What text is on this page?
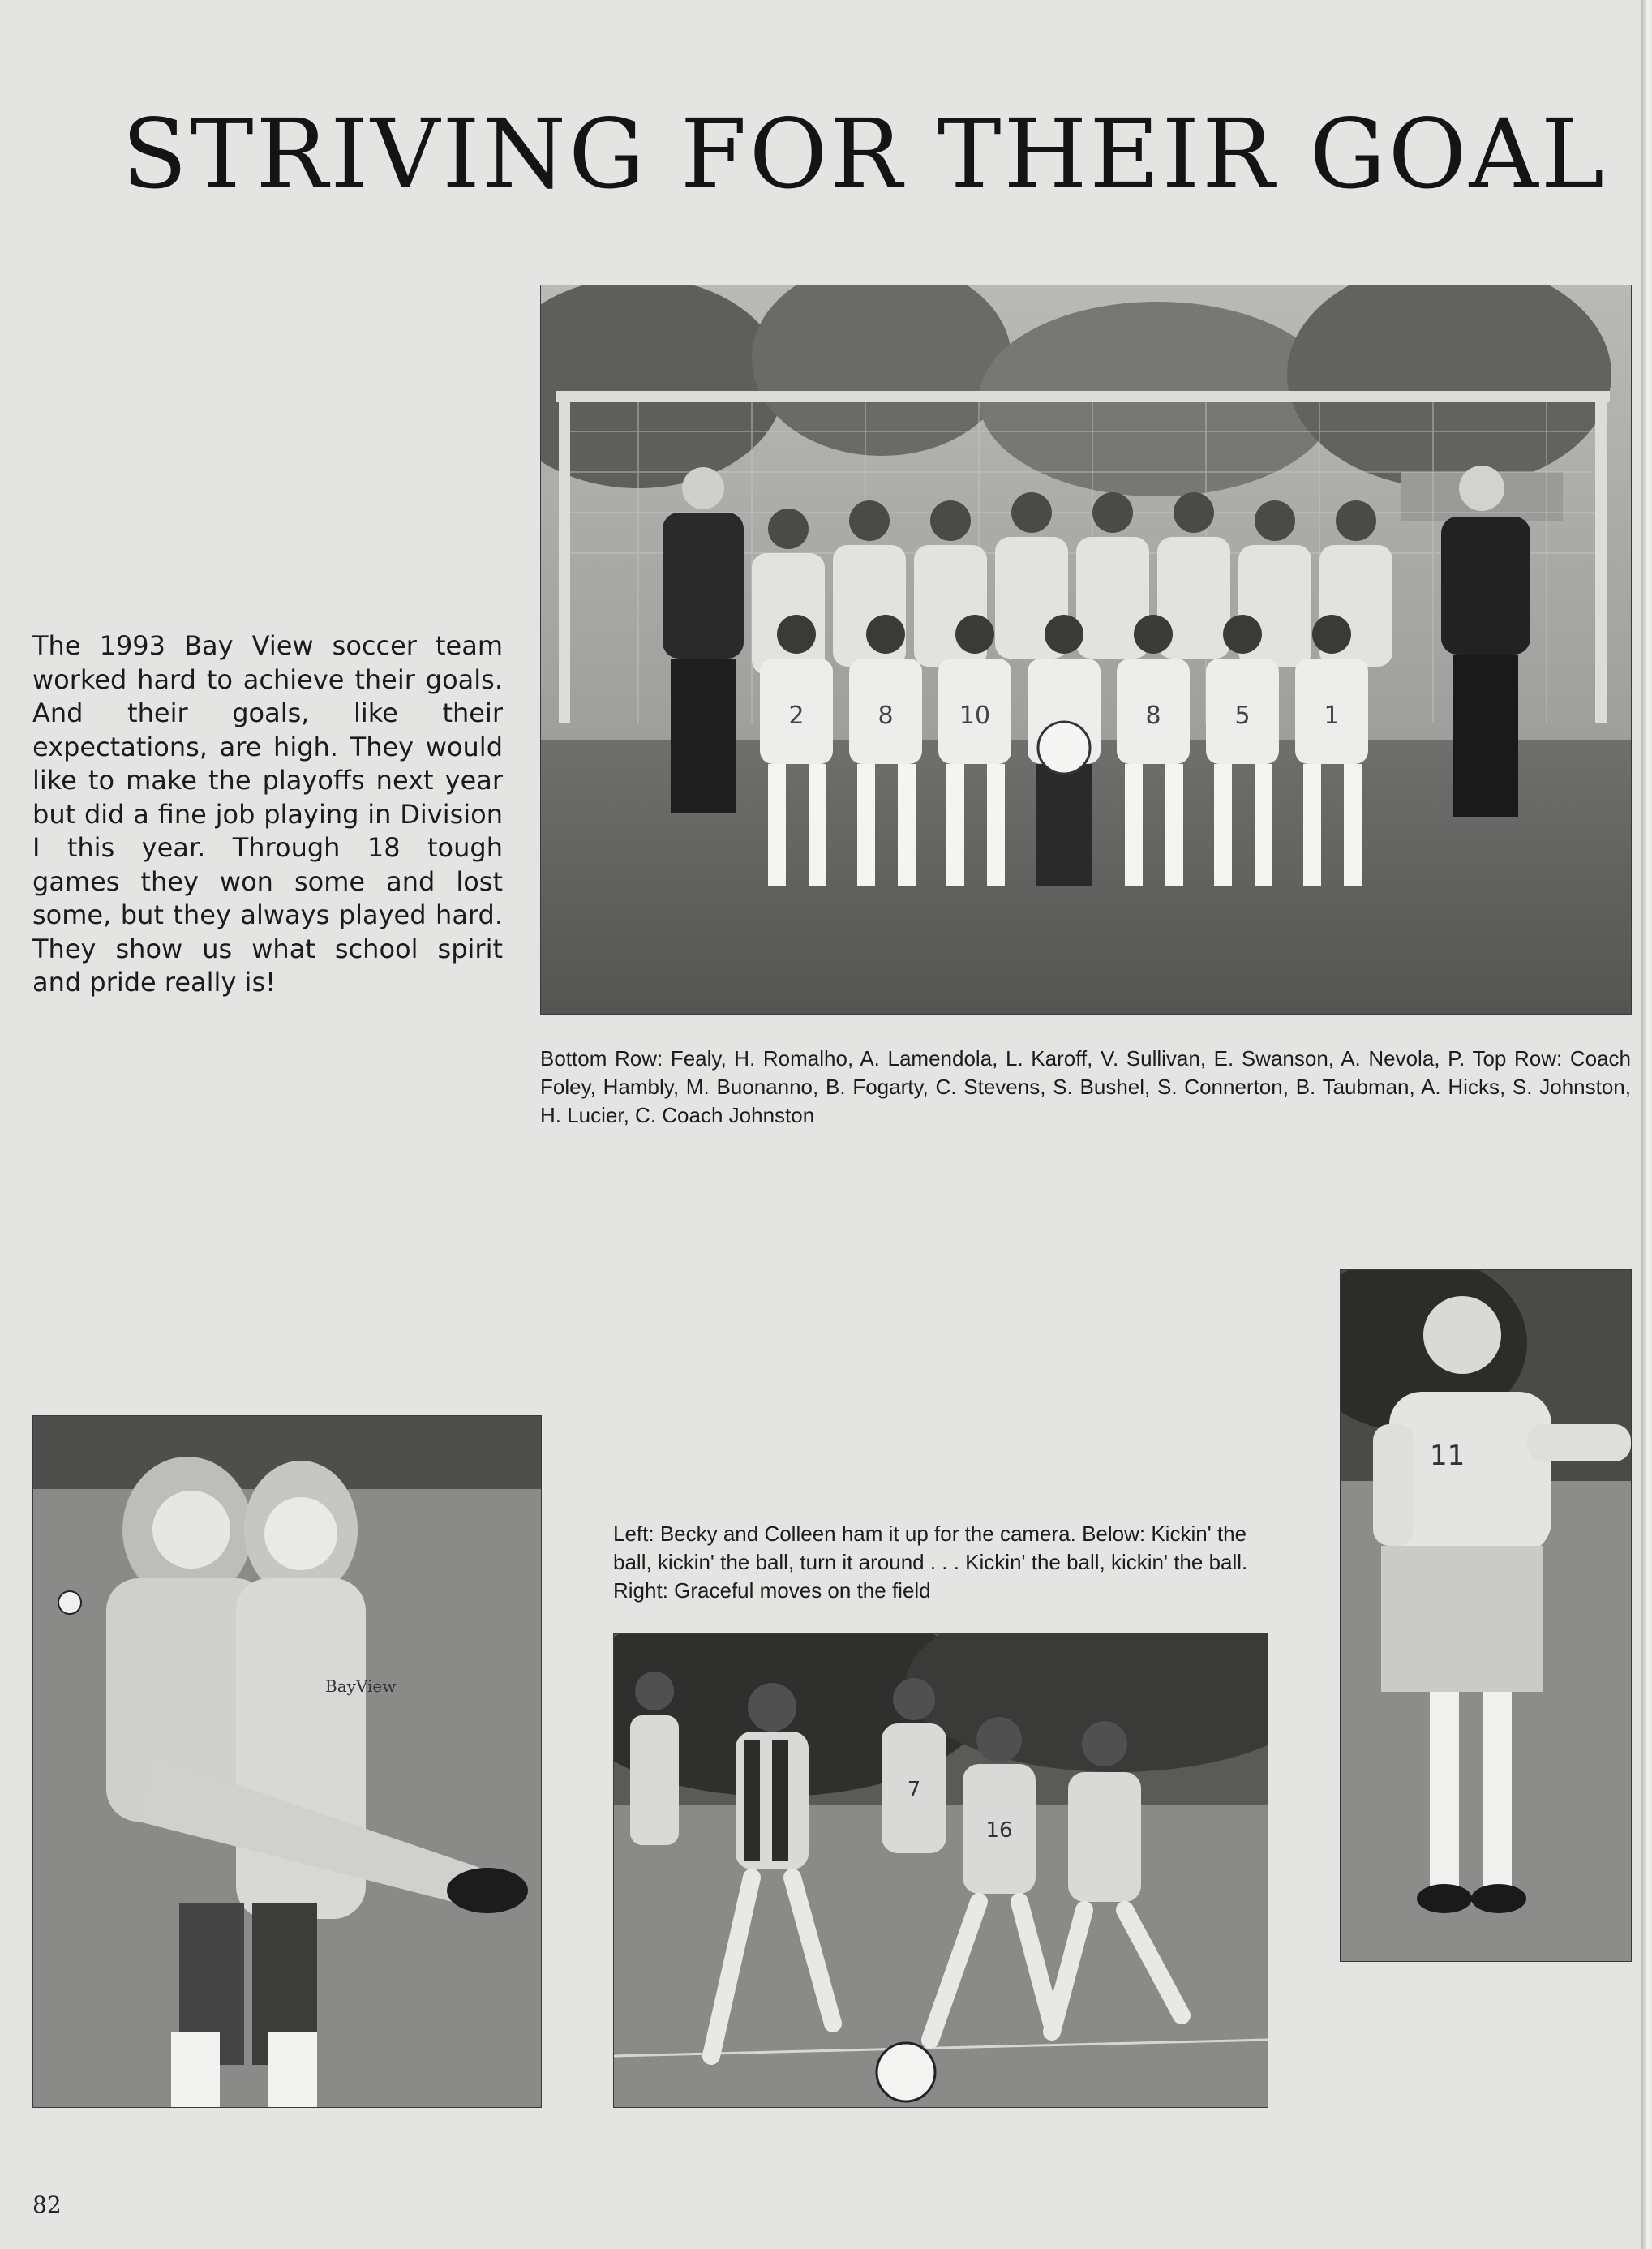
STRIVING FOR THEIR GOAL
2	8	10	8	5	1

The 1993 Bay View soccer team worked hard to achieve their goals. And their goals, like their expectations, are high. They would like to make the playoffs next year but did a fine job playing in Division I this year. Through 18 tough games they won some and lost some, but they always played hard. They show us what school spirit and pride really is!

Bottom Row: Fealy, H. Romalho, A. Lamendola, L. Karoff, V. Sullivan, E. Swanson, A. Nevola, P. Top Row: Coach Foley, Hambly, M. Buonanno, B. Fogarty, C. Stevens, S. Bushel, S. Connerton, B. Taubman, A. Hicks, S. Johnston, H. Lucier, C. Coach Johnston

BayView

Left: Becky and Colleen ham it up for the camera. Below: Kickin' the ball, kickin' the ball, turn it around . . . Kickin' the ball, kickin' the ball. Right: Graceful moves on the field

7
16
11
82
